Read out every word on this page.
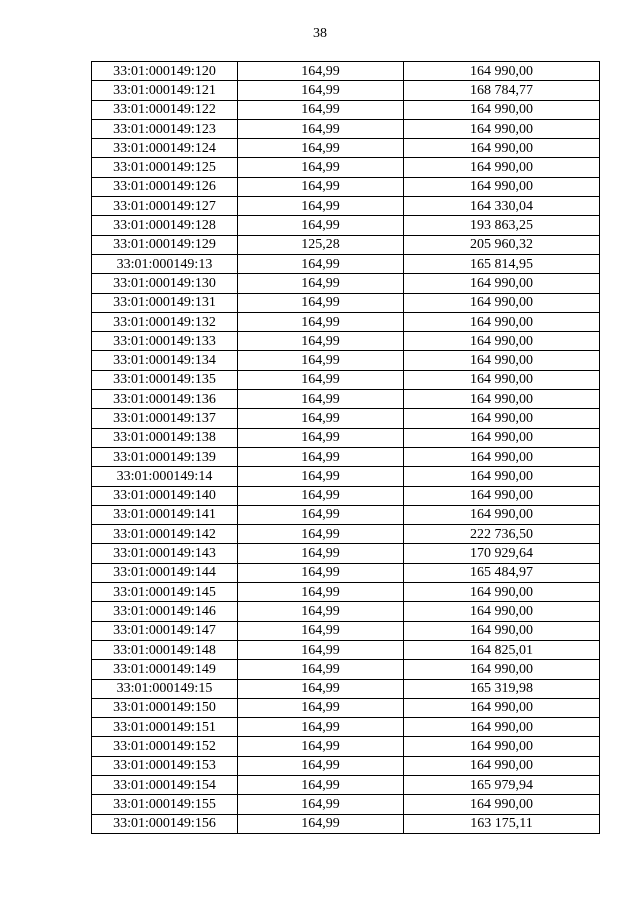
38
33:01:000149:120	164,99	164 990,00
33:01:000149:121	164,99	168 784,77
33:01:000149:122	164,99	164 990,00
33:01:000149:123	164,99	164 990,00
33:01:000149:124	164,99	164 990,00
33:01:000149:125	164,99	164 990,00
33:01:000149:126	164,99	164 990,00
33:01:000149:127	164,99	164 330,04
33:01:000149:128	164,99	193 863,25
33:01:000149:129	125,28	205 960,32
33:01:000149:13	164,99	165 814,95
33:01:000149:130	164,99	164 990,00
33:01:000149:131	164,99	164 990,00
33:01:000149:132	164,99	164 990,00
33:01:000149:133	164,99	164 990,00
33:01:000149:134	164,99	164 990,00
33:01:000149:135	164,99	164 990,00
33:01:000149:136	164,99	164 990,00
33:01:000149:137	164,99	164 990,00
33:01:000149:138	164,99	164 990,00
33:01:000149:139	164,99	164 990,00
33:01:000149:14	164,99	164 990,00
33:01:000149:140	164,99	164 990,00
33:01:000149:141	164,99	164 990,00
33:01:000149:142	164,99	222 736,50
33:01:000149:143	164,99	170 929,64
33:01:000149:144	164,99	165 484,97
33:01:000149:145	164,99	164 990,00
33:01:000149:146	164,99	164 990,00
33:01:000149:147	164,99	164 990,00
33:01:000149:148	164,99	164 825,01
33:01:000149:149	164,99	164 990,00
33:01:000149:15	164,99	165 319,98
33:01:000149:150	164,99	164 990,00
33:01:000149:151	164,99	164 990,00
33:01:000149:152	164,99	164 990,00
33:01:000149:153	164,99	164 990,00
33:01:000149:154	164,99	165 979,94
33:01:000149:155	164,99	164 990,00
33:01:000149:156	164,99	163 175,11
